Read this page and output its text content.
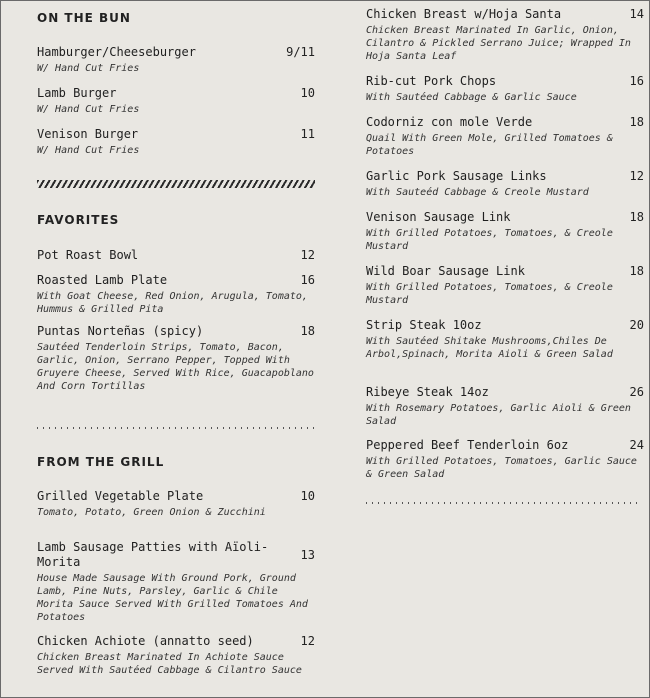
ON THE BUN
Hamburger/Cheeseburger	9/11
W/ Hand Cut Fries
Lamb Burger	10
W/ Hand Cut Fries
Venison Burger	11
W/ Hand Cut Fries
FAVORITES
Pot Roast Bowl	12
Roasted Lamb Plate	16
With Goat Cheese, Red Onion, Arugula, Tomato, Hummus & Grilled Pita
Puntas Norteñas (spicy)	18
Sautéed Tenderloin Strips, Tomato, Bacon, Garlic, Onion, Serrano Pepper, Topped With Gruyere Cheese, Served With Rice, Guacapoblano And Corn Tortillas
FROM THE GRILL
Grilled Vegetable Plate	10
Tomato, Potato, Green Onion & Zucchini
Lamb Sausage Patties with Aïoli-Morita	13
House Made Sausage With Ground Pork, Ground Lamb, Pine Nuts, Parsley, Garlic & Chile Morita Sauce Served With Grilled Tomatoes And Potatoes
Chicken Achiote (annatto seed)	12
Chicken Breast Marinated In Achiote Sauce Served With Sautéed Cabbage & Cilantro Sauce
Chicken Breast w/Hoja Santa	14
Chicken Breast Marinated In Garlic, Onion, Cilantro & Pickled Serrano Juice; Wrapped In Hoja Santa Leaf
Rib-cut Pork Chops	16
With Sautéed Cabbage & Garlic Sauce
Codorniz con mole Verde	18
Quail With Green Mole, Grilled Tomatoes & Potatoes
Garlic Pork Sausage Links	12
With Sauteéd Cabbage & Creole Mustard
Venison Sausage Link	18
With Grilled Potatoes, Tomatoes, & Creole Mustard
Wild Boar Sausage Link	18
With Grilled Potatoes, Tomatoes, & Creole Mustard
Strip Steak 10oz	20
With Sautéed Shitake Mushrooms,Chiles De Arbol,Spinach, Morita Aioli & Green Salad
Ribeye Steak 14oz	26
With Rosemary Potatoes, Garlic Aioli & Green Salad
Peppered Beef Tenderloin 6oz	24
With Grilled Potatoes, Tomatoes, Garlic Sauce & Green Salad
